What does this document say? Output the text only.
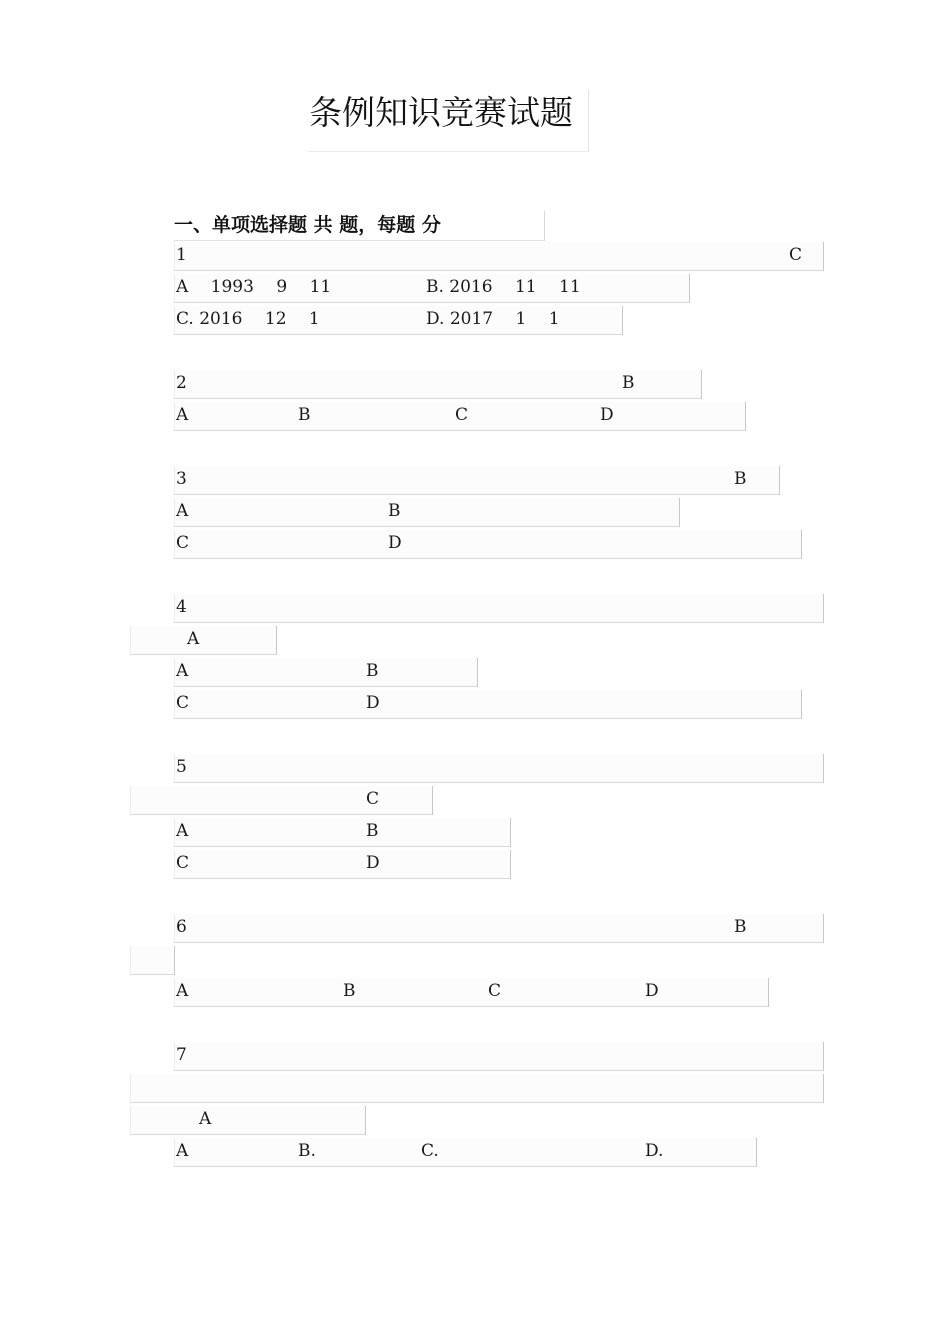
条例知识竞赛试题
一、单项选择题 共 题，每题 分
1　　　　　　　　　　　　　　　　

　	C　
A　 1993　 9　 11　	B. 2016　 11　 11　
C. 2016　 12　 1　	D. 2017　 1　 1　
2　　　　　　　　　　　　　　　　　　　	B 　　
A　　　	B　　　　　	C　　　　　	D　　　　　　
3　　　　　　　　　　　　　　　　　　　　　　　　	B 　
A　　　　	B　　　　　　　　　　　　
C　　　　　　　　	D　　　　　　　　　　　　　　　　　　
4　　　　　　　　　　　　　　　　　　　　　　　　　　　　　

A 　　　
A　　　	B　　　
C　　　	D　　　　　　　　　　　　　　　　　　　
5　　　　　　　　　　　　　　　　　　　　　　　　　　　　　

C 　　
A　　　　　　	B　　　　　　
C　　　　　　	D　　　　　　
6　　　　　　　　　　　　　　　　　　　　　　　　	B 　　　

A　　　　　	B　　　　　	C　　　　　	D　　　　　
7　　　　　　　　　　　　　　　　　　　　　　　　　　　　　

A 　　　　　　
A　　　	B. 　　	C. 　　　　　　　	D.　　　　
